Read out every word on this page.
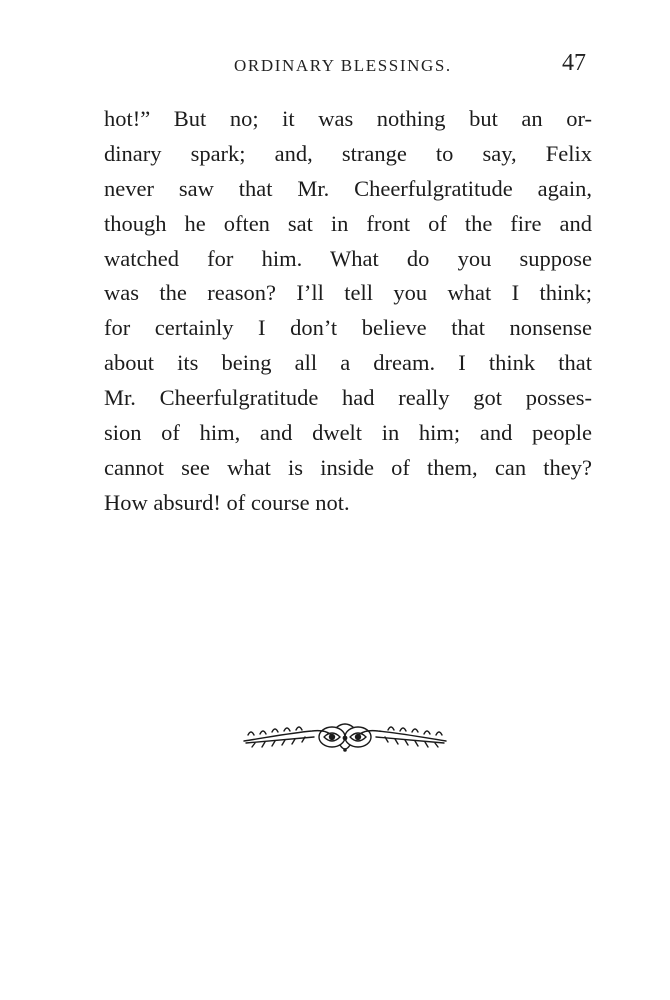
ORDINARY BLESSINGS.	47
hot!” But no; it was nothing but an or-
dinary spark; and, strange to say, Felix
never saw that Mr. Cheerfulgratitude again,
though he often sat in front of the fire and
watched for him. What do you suppose
was the reason? I’ll tell you what I think;
for certainly I don’t believe that nonsense
about its being all a dream. I think that
Mr. Cheerfulgratitude had really got posses-
sion of him, and dwelt in him; and people
cannot see what is inside of them, can they?
How absurd! of course not.
